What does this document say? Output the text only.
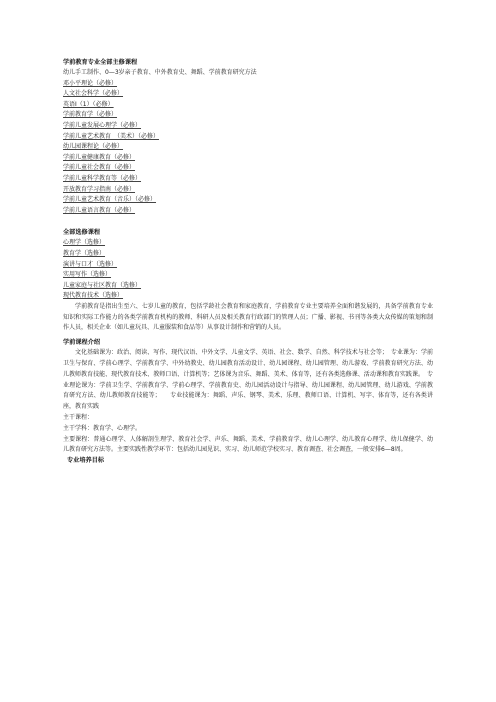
学前教育专业全部主修课程
幼儿手工制作、0—3岁亲子教育、中外教育史、舞蹈、学前教育研究方法
邓小平理论（必修）
人文社会科学（必修）
英语Ⅰ（1）（必修）
学前教育学（必修）
学前儿童发展心理学（必修）
学前儿童艺术教育　（美术）（必修）
幼儿园课程论（必修）
学前儿童健康教育（必修）
学前儿童社会教育（必修）
学前儿童科学教育等（必修）
开放教育学习指南（必修）
学前儿童艺术教育（音乐）（必修）
学前儿童语言教育（必修）
全部选修课程
心理学（选修）
教育学（选修）
演讲与口才（选修）
实用写作（选修）
儿童家庭与社区教育（选修）
现代教育技术（选修）

学前教育是指出生至六、七岁儿童的教育，包括学龄社会教育和家庭教育，学前教育专业主要培养全面和谐发展的，具备学前教育专业知识和实际工作能力的各类学前教育机构的教师、科研人员及相关教育行政部门的管理人员；广播、影视、书刊等各类大众传媒的策划和制作人员，相关企业（如儿童玩具、儿童服装和食品等）从事设计制作和营销的人员。

学前课程介绍

文化基础课为：政治、阅读、写作、现代汉语、中外文学、儿童文学、英语、社会、数学、自然、科学技术与社会等；　专业课为：学前卫生与保育、学前心理学、学前教育学、中外幼教史、幼儿园教育活动设计、幼儿园课程、幼儿园管理、幼儿游戏、学前教育研究方法、幼儿教师教育技能、现代教育技术、教师口语、计算机等；艺体课为音乐、舞蹈、美术、体育等，还有各类选修课、活动课和教育实践课。　专业理论课为：学前卫生学、学前教育学、学前心理学、学前教育史、幼儿园活动设计与指导、幼儿园课程、幼儿园管理、幼儿游戏、学前教育研究方法、幼儿教师教育技能等；　　专业技能课为：舞蹈、声乐、钢琴、美术、乐理、教师口语、计算机、写字、体育等，还有各类讲座，教育实践

主干课程：

主干学科：教育学、心理学。

主要课程：普通心理学、人体解剖生理学、教育社会学、声乐、舞蹈、美术、学前教育学、幼儿心理学、幼儿教育心理学、幼儿保健学、幼儿教育研究方法等。主要实践性教学环节：包括幼儿园见识、实习、幼儿师范学校实习、教育调查、社会调查，一般安排6—8周。

专业培养目标
